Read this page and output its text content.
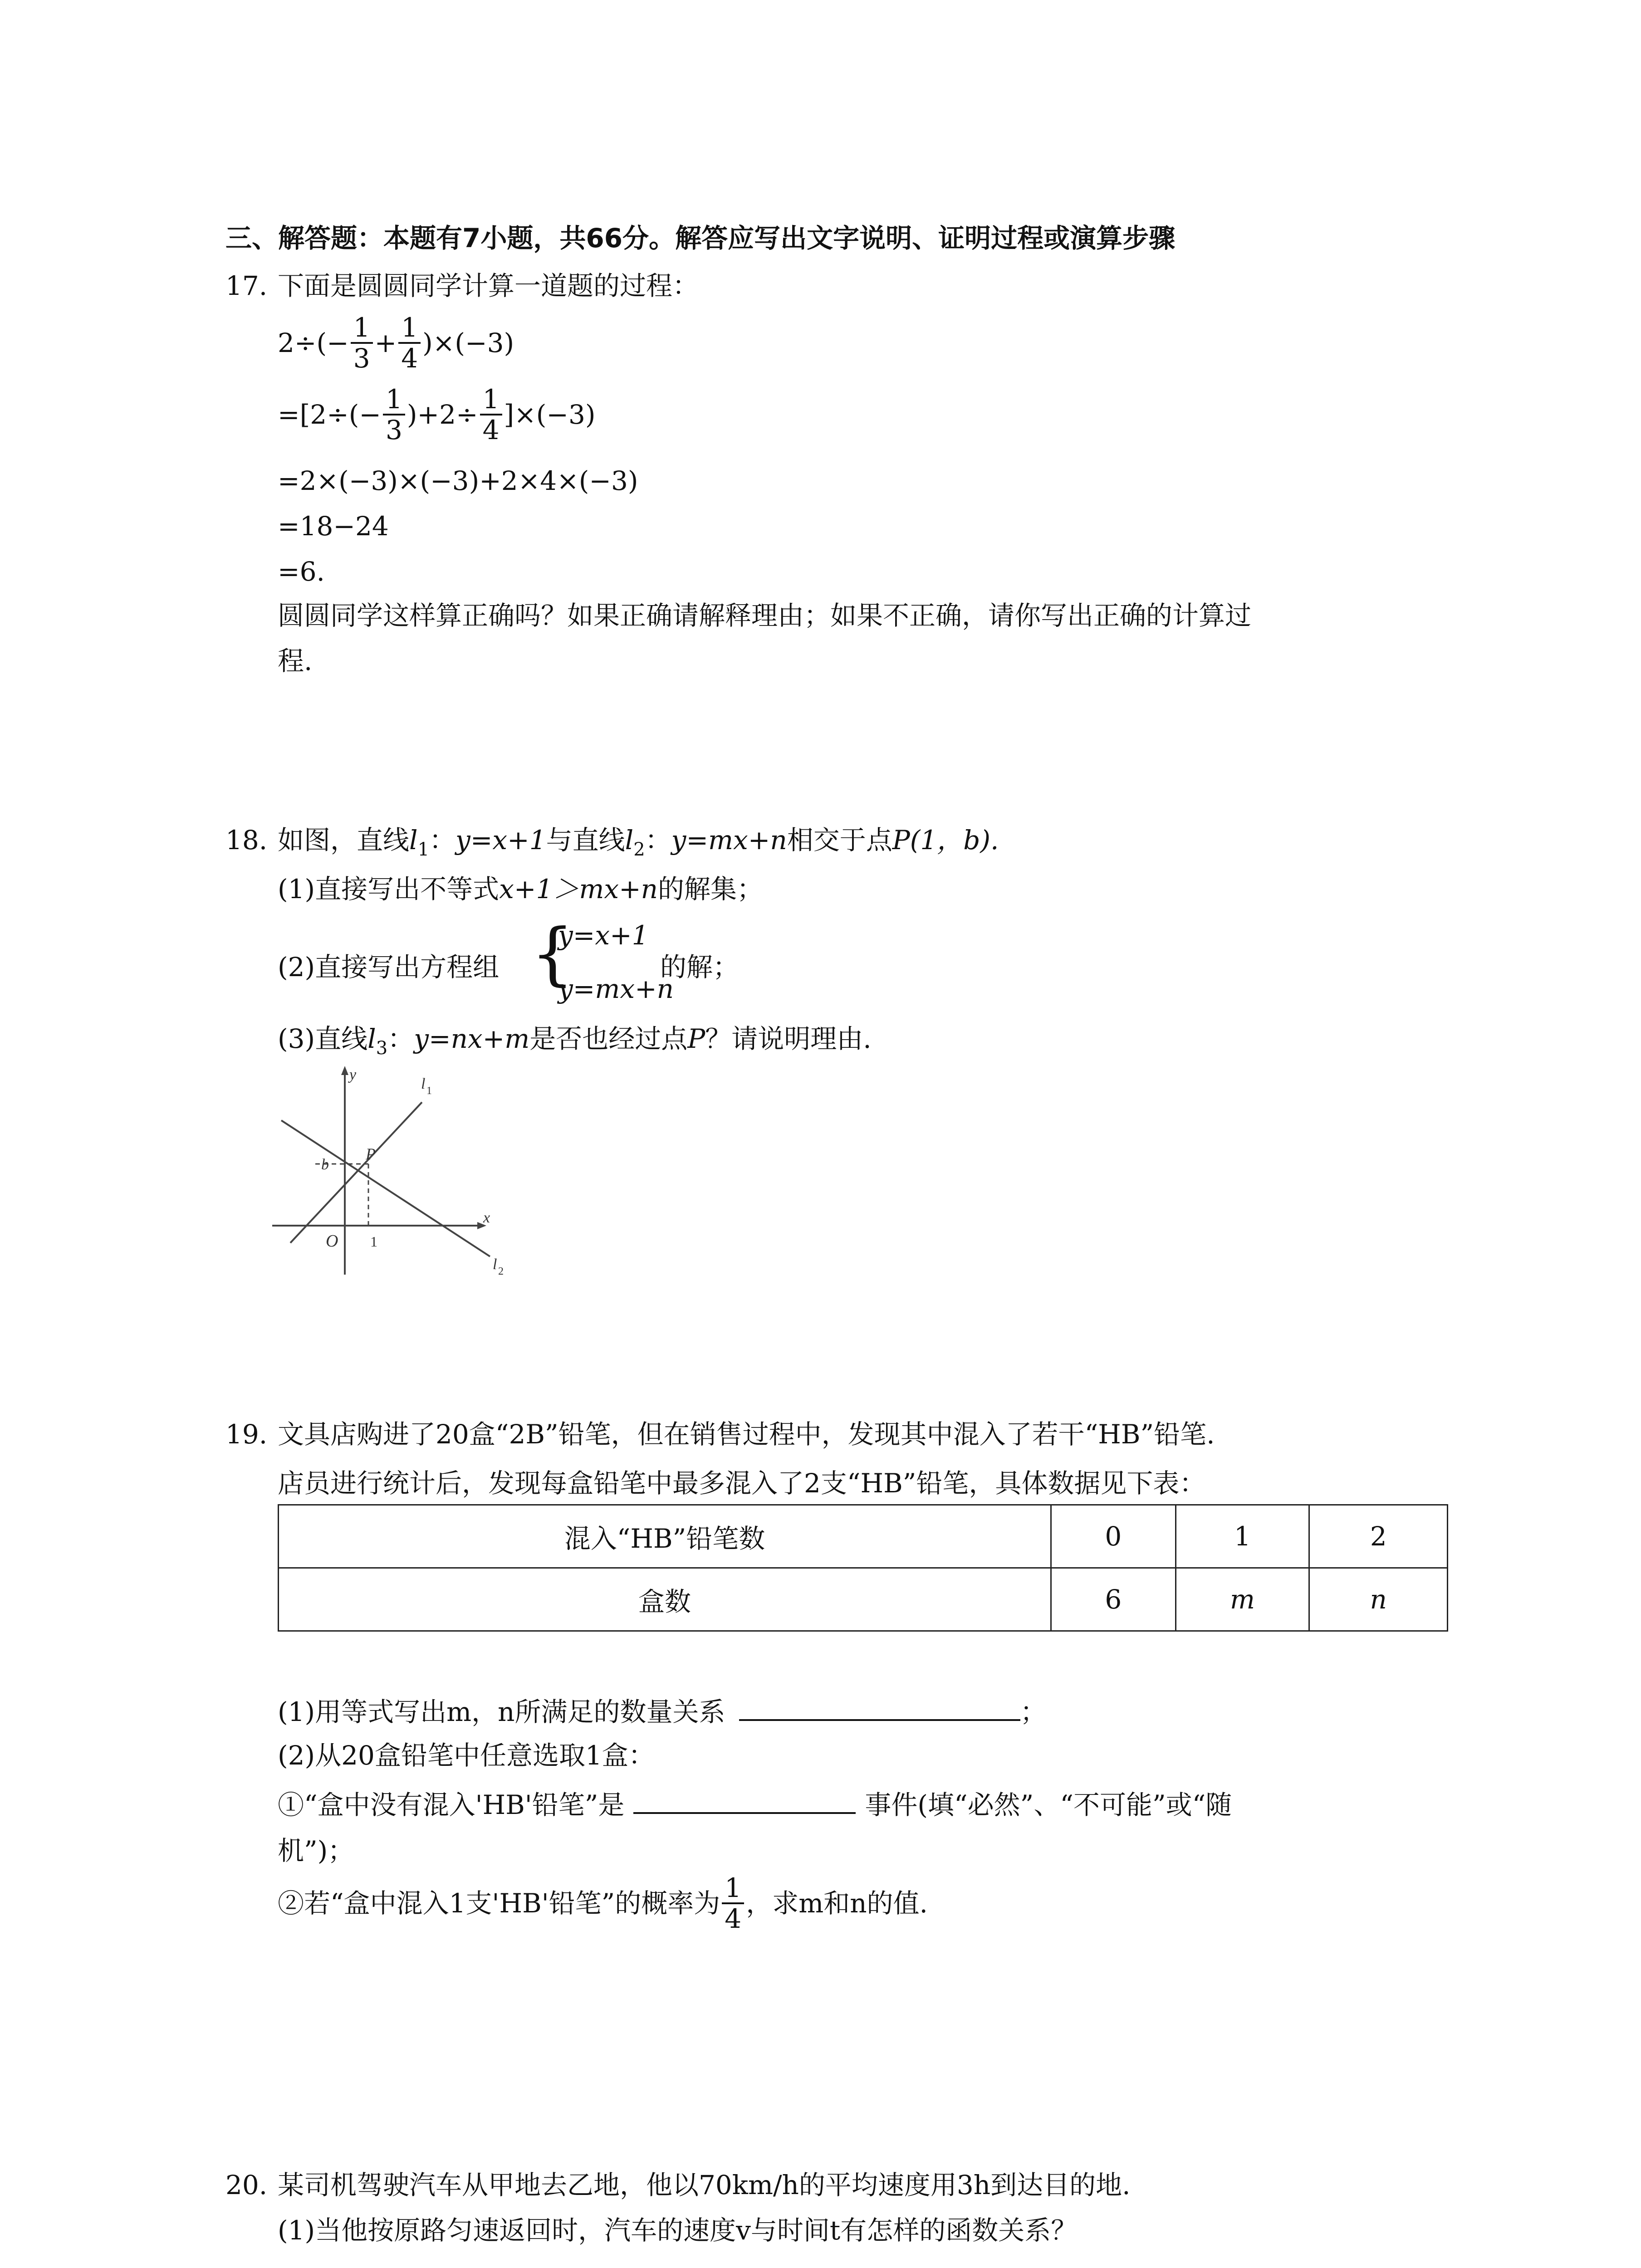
三、解答题：本题有7小题，共66分。解答应写出文字说明、证明过程或演算步骤
17. 下面是圆圆同学计算一道题的过程：
$2\div(- \frac{1}{3} + \frac{1}{4} )\times(-3)$
$=[2\div(- \frac{1}{3} )+2\div \frac{1}{4} ]\times(-3)$
=2×(−3)×(−3)+2×4×(−3)
=18−24
=6.
圆圆同学这样算正确吗？如果正确请解释理由；如果不正确，请你写出正确的计算过
程.
18. 如图，直线$l_1$：y=x+1与直线$l_2$：y=mx+n相交于点P(1，b).
(1)直接写出不等式x+1＞mx+n的解集；
(2)直接写出方程组 {
y=x+1
y=mx+n
的解；
(3)直线$l_3$：y=nx+m是否也经过点P？请说明理由.
y
x
O 1
b
P
l 1
l 2
19. 文具店购进了20盒“2B”铅笔，但在销售过程中，发现其中混入了若干“HB”铅笔.
店员进行统计后，发现每盒铅笔中最多混入了2支“HB”铅笔，具体数据见下表：
混入“HB”铅笔数	0	1	2
盒数	6	m	n
(1)用等式写出m，n所满足的数量关系	；
(2)从20盒铅笔中任意选取1盒：
①“盒中没有混入'HB'铅笔”是	事件(填“必然”、“不可能”或“随
机”)；
②若“盒中混入1支'HB'铅笔”的概率为 $\frac{1}{4}$ ，求m和n的值.
20. 某司机驾驶汽车从甲地去乙地，他以70km/h的平均速度用3h到达目的地.
(1)当他按原路匀速返回时，汽车的速度v与时间t有怎样的函数关系？
